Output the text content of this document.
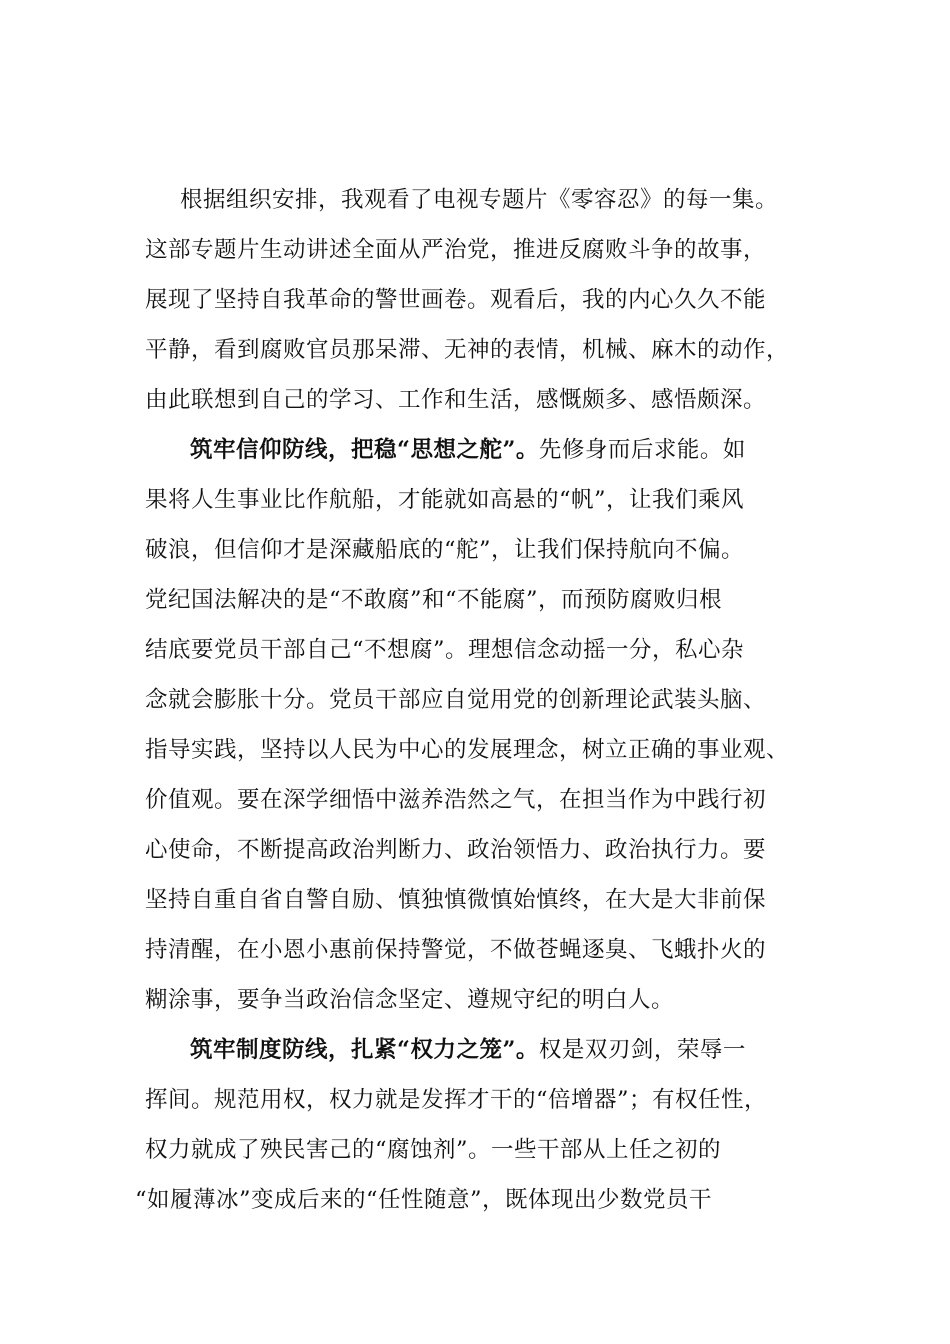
根据组织安排，我观看了电视专题片《零容忍》的每一集。
这部专题片生动讲述全面从严治党，推进反腐败斗争的故事，
展现了坚持自我革命的警世画卷。观看后，我的内心久久不能
平静，看到腐败官员那呆滞、无神的表情，机械、麻木的动作，
由此联想到自己的学习、工作和生活，感慨颇多、感悟颇深。
筑牢信仰防线，把稳“思想之舵”。先修身而后求能。如
果将人生事业比作航船，才能就如高悬的“帆”，让我们乘风
破浪，但信仰才是深藏船底的“舵”，让我们保持航向不偏。
党纪国法解决的是“不敢腐”和“不能腐”，而预防腐败归根
结底要党员干部自己“不想腐”。理想信念动摇一分，私心杂
念就会膨胀十分。党员干部应自觉用党的创新理论武装头脑、
指导实践，坚持以人民为中心的发展理念，树立正确的事业观、
价值观。要在深学细悟中滋养浩然之气，在担当作为中践行初
心使命，不断提高政治判断力、政治领悟力、政治执行力。要
坚持自重自省自警自励、慎独慎微慎始慎终，在大是大非前保
持清醒，在小恩小惠前保持警觉，不做苍蝇逐臭、飞蛾扑火的
糊涂事，要争当政治信念坚定、遵规守纪的明白人。
筑牢制度防线，扎紧“权力之笼”。权是双刃剑，荣辱一
挥间。规范用权，权力就是发挥才干的“倍增器”；有权任性，
权力就成了殃民害己的“腐蚀剂”。一些干部从上任之初的
“如履薄冰”变成后来的“任性随意”，既体现出少数党员干
